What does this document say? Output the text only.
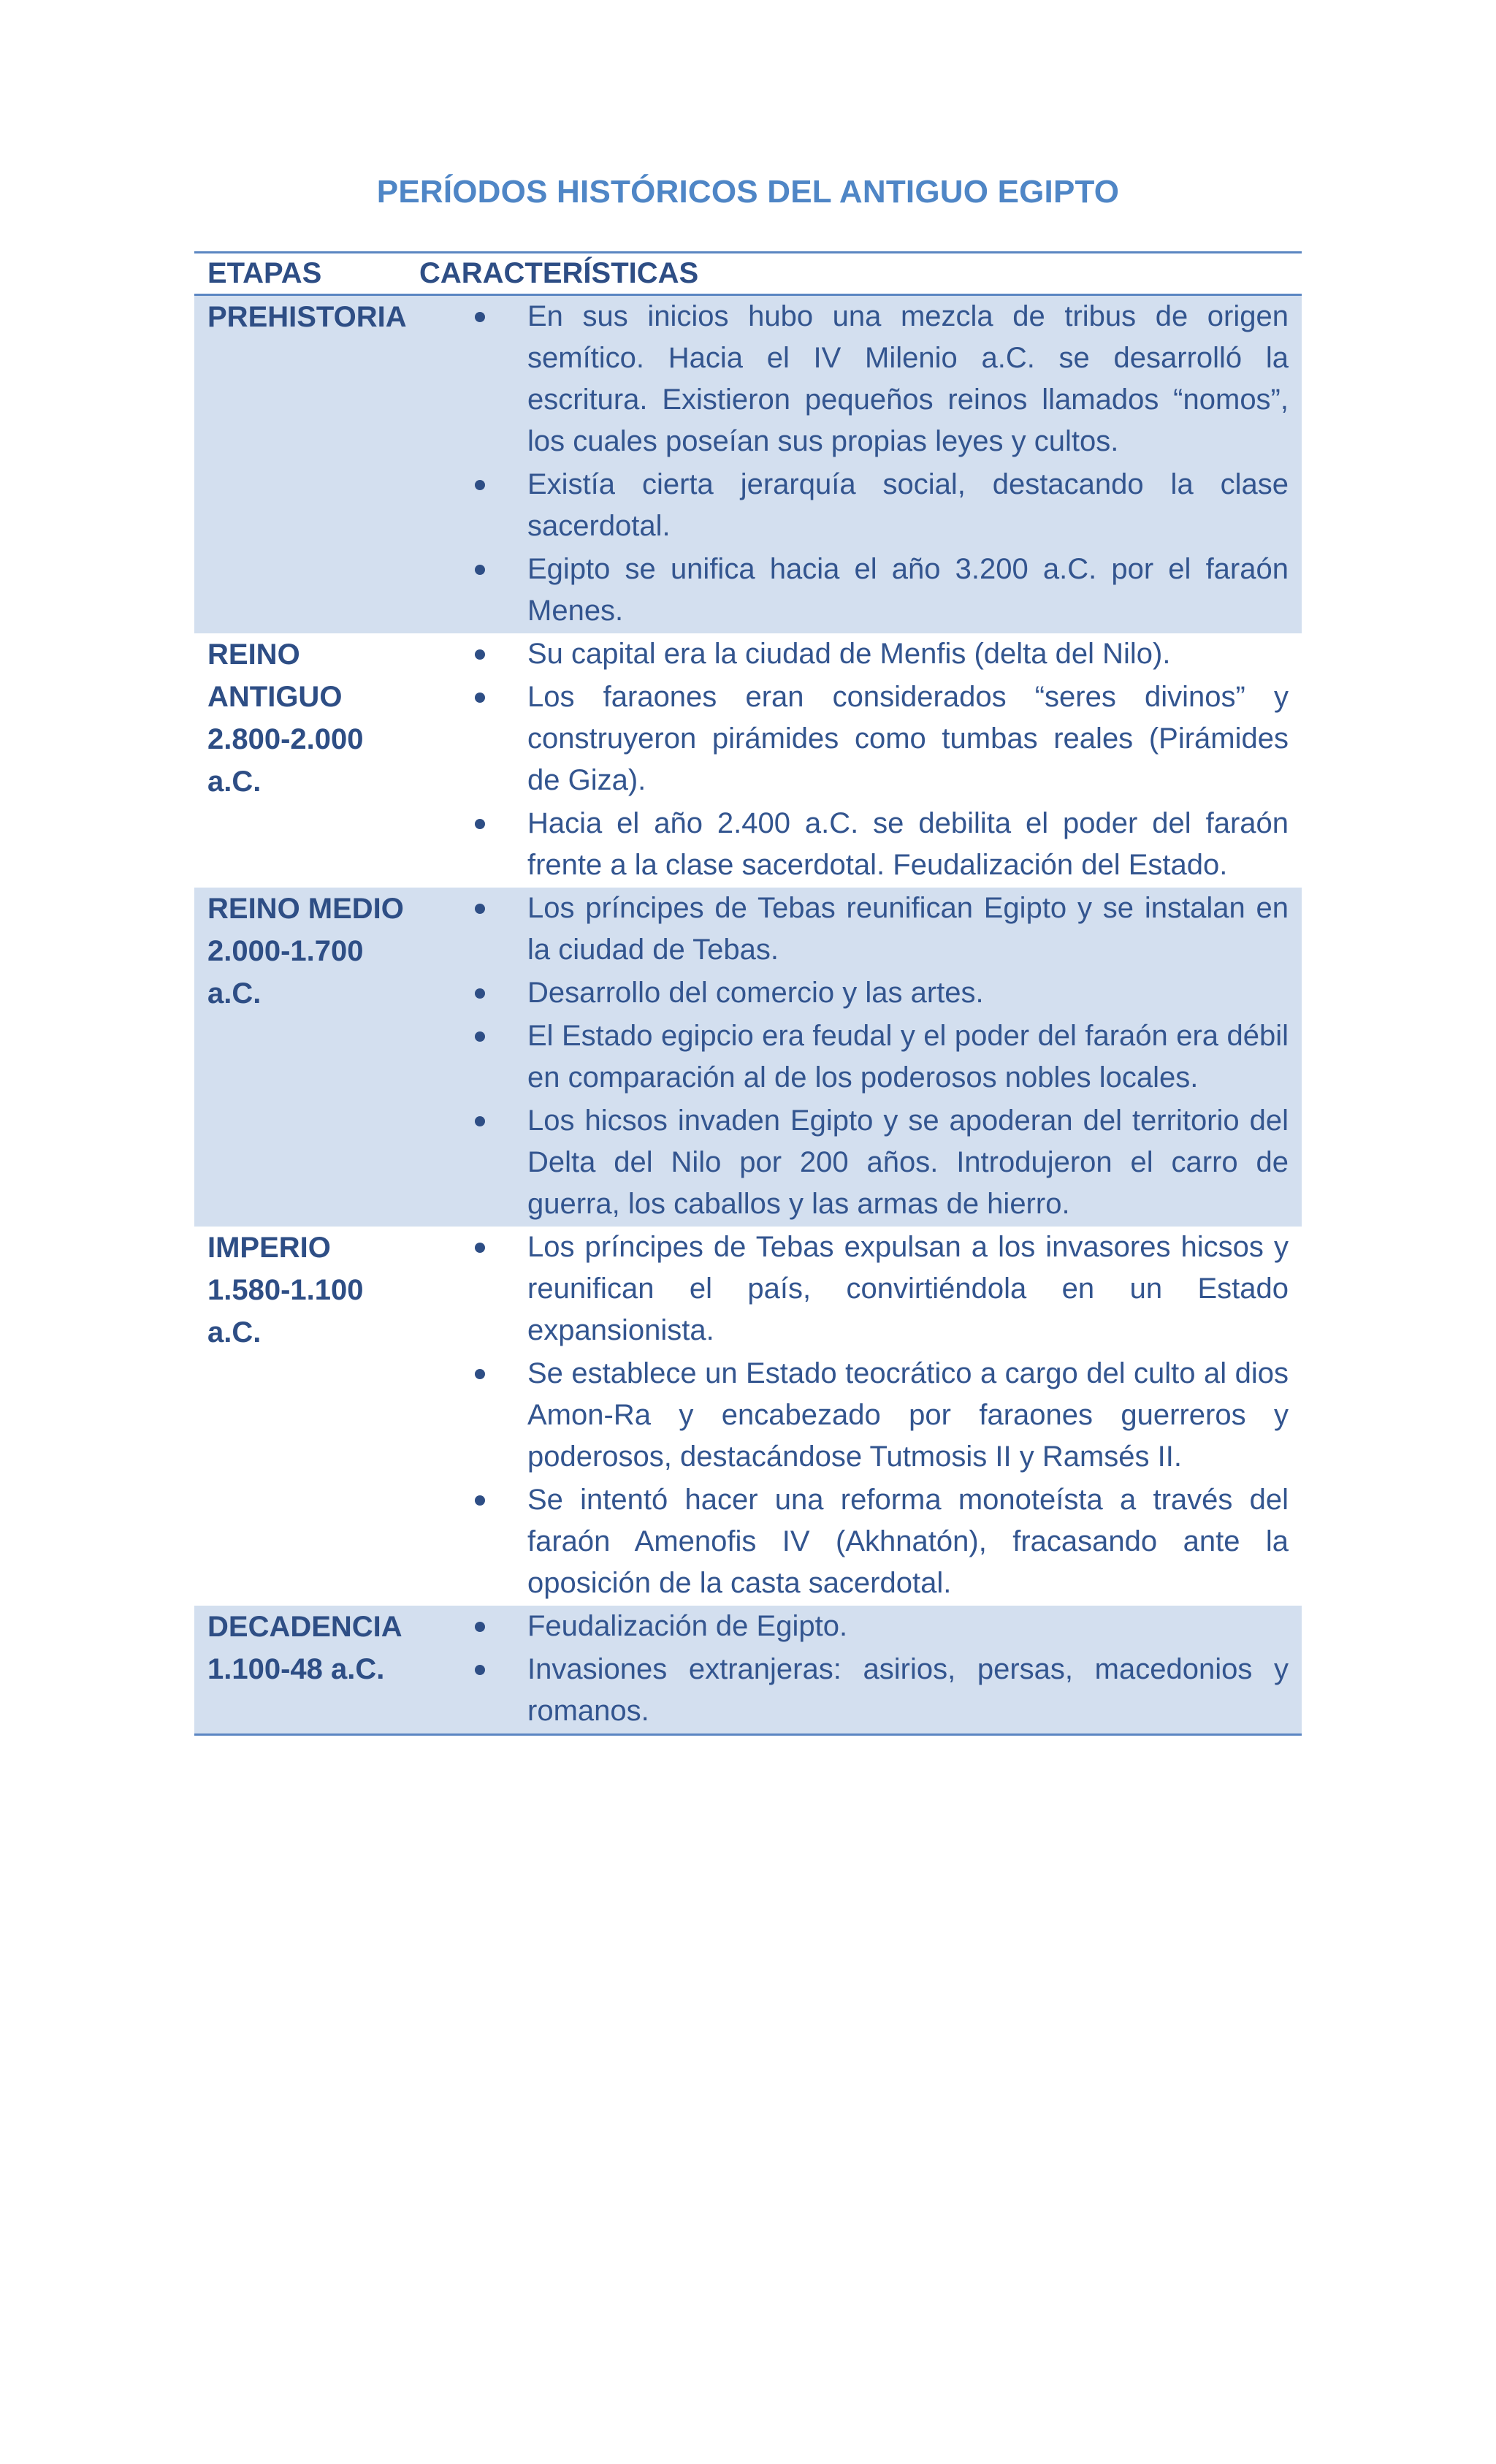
PERÍODOS HISTÓRICOS DEL ANTIGUO EGIPTO
ETAPAS	CARACTERÍSTICAS
PREHISTORIA	En sus inicios hubo una mezcla de tribus de origen semítico. Hacia el IV Milenio a.C. se desarrolló la escritura. Existieron pequeños reinos llamados “nomos”, los cuales poseían sus propias leyes y cultos.
Existía cierta jerarquía social, destacando la clase sacerdotal.
Egipto se unifica hacia el año 3.200 a.C. por el faraón Menes.
REINO
ANTIGUO
2.800-2.000
a.C.
Su capital era la ciudad de Menfis (delta del Nilo).
Los faraones eran considerados “seres divinos” y construyeron pirámides como tumbas reales (Pirámides de Giza).
Hacia el año 2.400 a.C. se debilita el poder del faraón frente a la clase sacerdotal. Feudalización del Estado.
REINO MEDIO
2.000-1.700
a.C.
Los príncipes de Tebas reunifican Egipto y se instalan en la ciudad de Tebas.
Desarrollo del comercio y las artes.
El Estado egipcio era feudal y el poder del faraón era débil en comparación al de los poderosos nobles locales.
Los hicsos invaden Egipto y se apoderan del territorio del Delta del Nilo por 200 años. Introdujeron el carro de guerra, los caballos y las armas de hierro.
IMPERIO
1.580-1.100
a.C.
Los príncipes de Tebas expulsan a los invasores hicsos y reunifican el país, convirtiéndola en un Estado expansionista.
Se establece un Estado teocrático a cargo del culto al dios Amon-Ra y encabezado por faraones guerreros y poderosos, destacándose Tutmosis II y Ramsés II.
Se intentó hacer una reforma monoteísta a través del faraón Amenofis IV (Akhnatón), fracasando ante la oposición de la casta sacerdotal.
DECADENCIA
1.100-48 a.C.
Feudalización de Egipto.
Invasiones extranjeras: asirios, persas, macedonios y romanos.
